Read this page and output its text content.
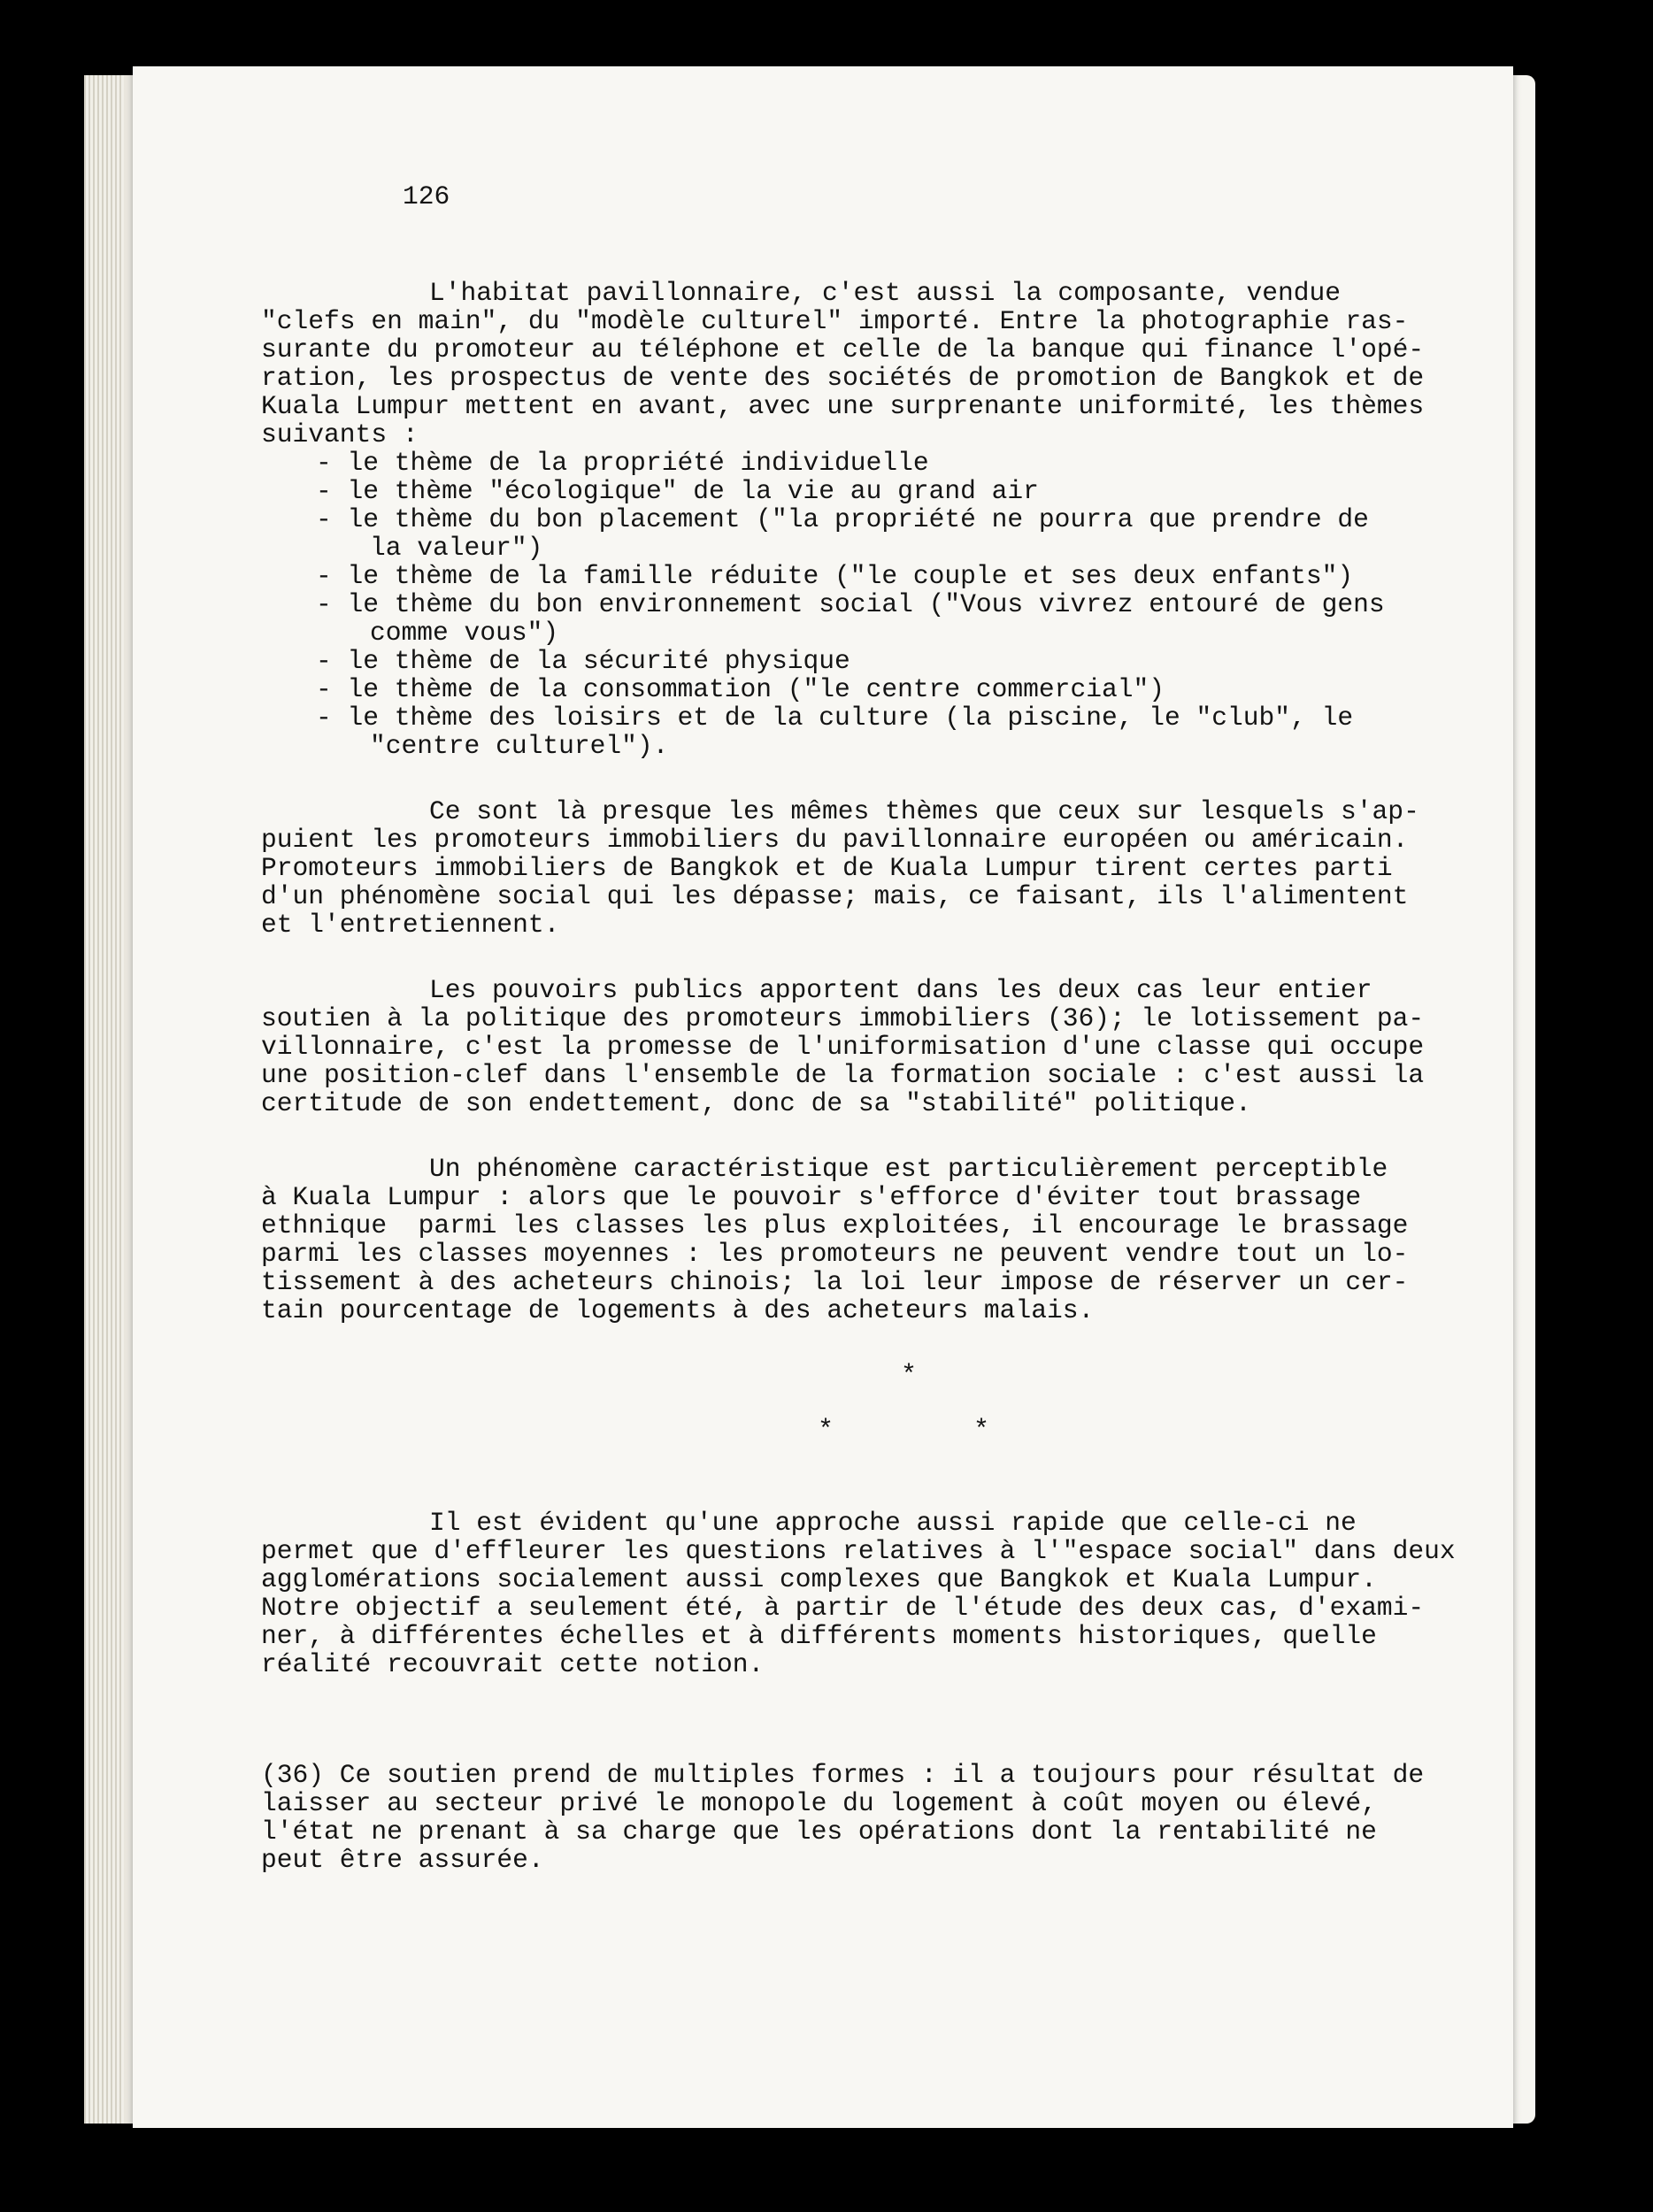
126
L'habitat pavillonnaire, c'est aussi la composante, vendue
"clefs en main", du "modèle culturel" importé. Entre la photographie ras-
surante du promoteur au téléphone et celle de la banque qui finance l'opé-
ration, les prospectus de vente des sociétés de promotion de Bangkok et de
Kuala Lumpur mettent en avant, avec une surprenante uniformité, les thèmes
suivants :
- le thème de la propriété individuelle
- le thème "écologique" de la vie au grand air
- le thème du bon placement ("la propriété ne pourra que prendre de
la valeur")
- le thème de la famille réduite ("le couple et ses deux enfants")
- le thème du bon environnement social ("Vous vivrez entouré de gens
comme vous")
- le thème de la sécurité physique
- le thème de la consommation ("le centre commercial")
- le thème des loisirs et de la culture (la piscine, le "club", le
"centre culturel").
Ce sont là presque les mêmes thèmes que ceux sur lesquels s'ap-
puient les promoteurs immobiliers du pavillonnaire européen ou américain.
Promoteurs immobiliers de Bangkok et de Kuala Lumpur tirent certes parti
d'un phénomène social qui les dépasse; mais, ce faisant, ils l'alimentent
et l'entretiennent.
Les pouvoirs publics apportent dans les deux cas leur entier
soutien à la politique des promoteurs immobiliers (36); le lotissement pa-
villonnaire, c'est la promesse de l'uniformisation d'une classe qui occupe
une position-clef dans l'ensemble de la formation sociale : c'est aussi la
certitude de son endettement, donc de sa "stabilité" politique.
Un phénomène caractéristique est particulièrement perceptible
à Kuala Lumpur : alors que le pouvoir s'efforce d'éviter tout brassage
ethnique  parmi les classes les plus exploitées, il encourage le brassage
parmi les classes moyennes : les promoteurs ne peuvent vendre tout un lo-
tissement à des acheteurs chinois; la loi leur impose de réserver un cer-
tain pourcentage de logements à des acheteurs malais.
*
*	*
Il est évident qu'une approche aussi rapide que celle-ci ne
permet que d'effleurer les questions relatives à l'"espace social" dans deux
agglomérations socialement aussi complexes que Bangkok et Kuala Lumpur.
Notre objectif a seulement été, à partir de l'étude des deux cas, d'exami-
ner, à différentes échelles et à différents moments historiques, quelle
réalité recouvrait cette notion.
(36) Ce soutien prend de multiples formes : il a toujours pour résultat de
laisser au secteur privé le monopole du logement à coût moyen ou élevé,
l'état ne prenant à sa charge que les opérations dont la rentabilité ne
peut être assurée.
